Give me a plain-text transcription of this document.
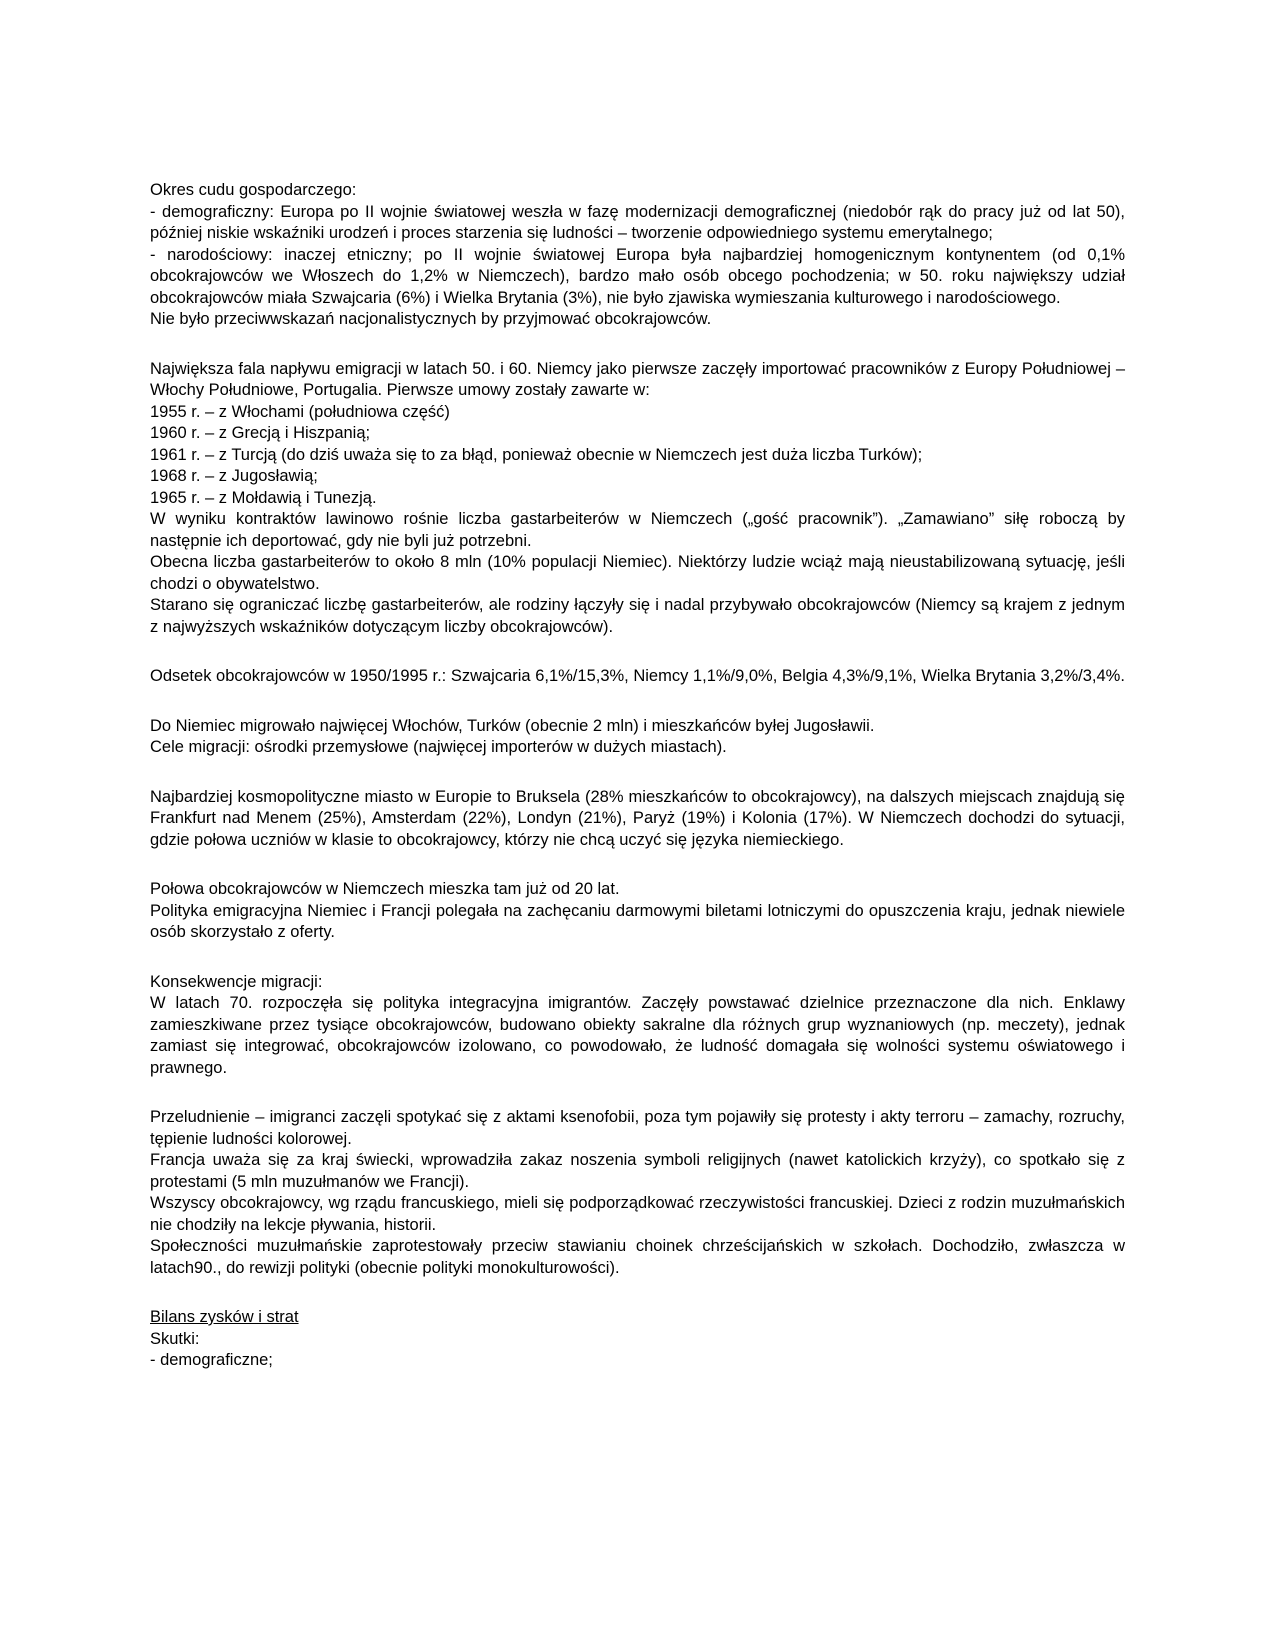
Okres cudu gospodarczego:

- demograficzny: Europa po II wojnie światowej weszła w fazę modernizacji demograficznej (niedobór rąk do pracy już od lat 50), później niskie wskaźniki urodzeń i proces starzenia się ludności – tworzenie odpowiedniego systemu emerytalnego;

- narodościowy: inaczej etniczny; po II wojnie światowej Europa była najbardziej homogenicznym kontynentem (od 0,1% obcokrajowców we Włoszech do 1,2% w Niemczech), bardzo mało osób obcego pochodzenia; w 50. roku największy udział obcokrajowców miała Szwajcaria (6%) i Wielka Brytania (3%), nie było zjawiska wymieszania kulturowego i narodościowego.

Nie było przeciwwskazań nacjonalistycznych by przyjmować obcokrajowców.

Największa fala napływu emigracji w latach 50. i 60. Niemcy jako pierwsze zaczęły importować pracowników z Europy Południowej – Włochy Południowe, Portugalia. Pierwsze umowy zostały zawarte w:

1955 r. – z Włochami (południowa część)

1960 r. – z Grecją i Hiszpanią;

1961 r. – z Turcją (do dziś uważa się to za błąd, ponieważ obecnie w Niemczech jest duża liczba Turków);

1968 r. – z Jugosławią;

1965 r. – z Mołdawią i Tunezją.

W wyniku kontraktów lawinowo rośnie liczba gastarbeiterów w Niemczech („gość pracownik”). „Zamawiano” siłę roboczą by następnie ich deportować, gdy nie byli już potrzebni.

Obecna liczba gastarbeiterów to około 8 mln (10% populacji Niemiec). Niektórzy ludzie wciąż mają nieustabilizowaną sytuację, jeśli chodzi o obywatelstwo.

Starano się ograniczać liczbę gastarbeiterów, ale rodziny łączyły się i nadal przybywało obcokrajowców (Niemcy są krajem z jednym z najwyższych wskaźników dotyczącym liczby obcokrajowców).

Odsetek obcokrajowców w 1950/1995 r.: Szwajcaria 6,1%/15,3%, Niemcy 1,1%/9,0%, Belgia 4,3%/9,1%, Wielka Brytania 3,2%/3,4%.

Do Niemiec migrowało najwięcej Włochów, Turków (obecnie 2 mln) i mieszkańców byłej Jugosławii.

Cele migracji: ośrodki przemysłowe (najwięcej importerów w dużych miastach).

Najbardziej kosmopolityczne miasto w Europie to Bruksela (28% mieszkańców to obcokrajowcy), na dalszych miejscach znajdują się Frankfurt nad Menem (25%), Amsterdam (22%), Londyn (21%), Paryż (19%) i Kolonia (17%). W Niemczech dochodzi do sytuacji, gdzie połowa uczniów w klasie to obcokrajowcy, którzy nie chcą uczyć się języka niemieckiego.

Połowa obcokrajowców w Niemczech mieszka tam już od 20 lat.

Polityka emigracyjna Niemiec i Francji polegała na zachęcaniu darmowymi biletami lotniczymi do opuszczenia kraju, jednak niewiele osób skorzystało z oferty.

Konsekwencje migracji:

W latach 70. rozpoczęła się polityka integracyjna imigrantów. Zaczęły powstawać dzielnice przeznaczone dla nich. Enklawy zamieszkiwane przez tysiące obcokrajowców, budowano obiekty sakralne dla różnych grup wyznaniowych (np. meczety), jednak zamiast się integrować, obcokrajowców izolowano, co powodowało, że ludność domagała się wolności systemu oświatowego i prawnego.

Przeludnienie – imigranci zaczęli spotykać się z aktami ksenofobii, poza tym pojawiły się protesty i akty terroru – zamachy, rozruchy, tępienie ludności kolorowej.

Francja uważa się za kraj świecki, wprowadziła zakaz noszenia symboli religijnych (nawet katolickich krzyży), co spotkało się z protestami (5 mln muzułmanów we Francji).

Wszyscy obcokrajowcy, wg rządu francuskiego, mieli się podporządkować rzeczywistości francuskiej. Dzieci z rodzin muzułmańskich nie chodziły na lekcje pływania, historii.

Społeczności muzułmańskie zaprotestowały przeciw stawianiu choinek chrześcijańskich w szkołach. Dochodziło, zwłaszcza w latach90., do rewizji polityki (obecnie polityki monokulturowości).

Bilans zysków i strat

Skutki:

- demograficzne;
